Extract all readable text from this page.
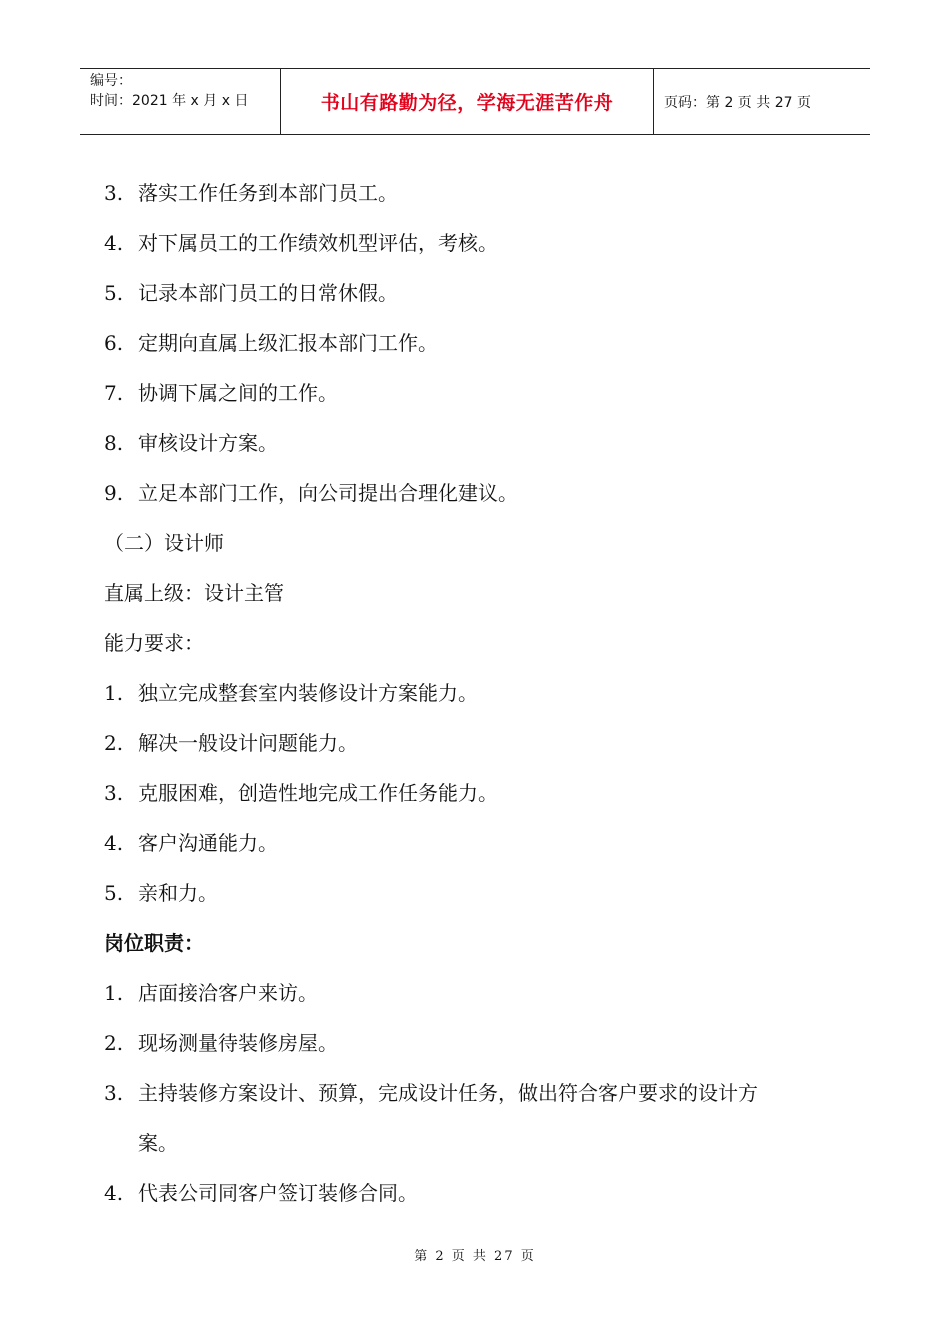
编号：
时间：2021 年 x 月 x 日	书山有路勤为径，学海无涯苦作舟	页码：第 2 页 共 27 页
3. 落实工作任务到本部门员工。
4. 对下属员工的工作绩效机型评估，考核。
5. 记录本部门员工的日常休假。
6. 定期向直属上级汇报本部门工作。
7. 协调下属之间的工作。
8. 审核设计方案。
9. 立足本部门工作，向公司提出合理化建议。
（二）设计师
直属上级：设计主管
能力要求：
1. 独立完成整套室内装修设计方案能力。
2. 解决一般设计问题能力。
3. 克服困难，创造性地完成工作任务能力。
4. 客户沟通能力。
5. 亲和力。
岗位职责：
1. 店面接洽客户来访。
2. 现场测量待装修房屋。
3. 主持装修方案设计、预算，完成设计任务，做出符合客户要求的设计方
案。
4. 代表公司同客户签订装修合同。
第 2 页 共 27 页
